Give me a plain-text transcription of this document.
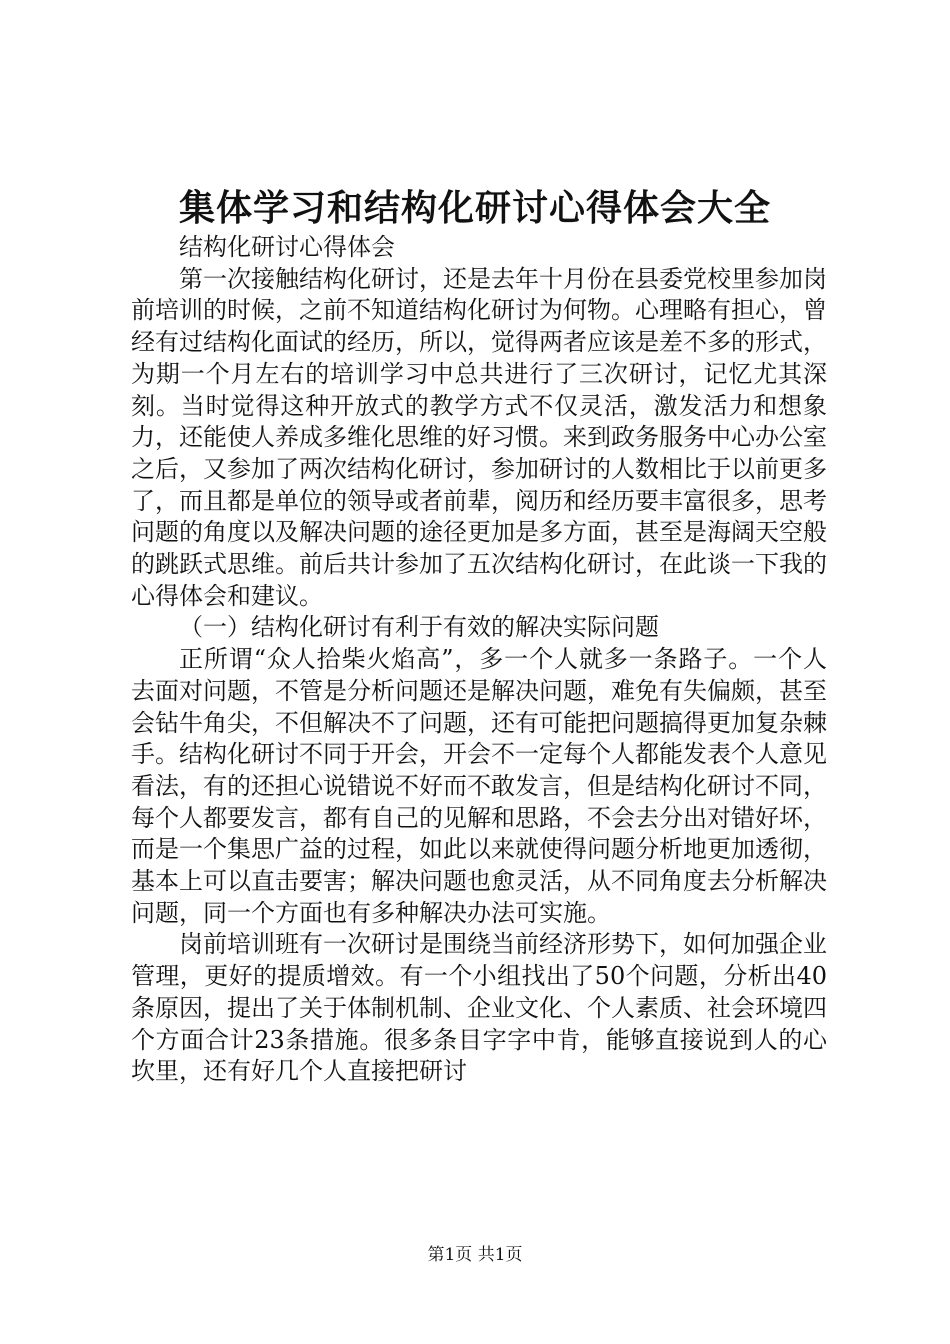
集体学习和结构化研讨心得体会大全

结构化研讨心得体会

第一次接触结构化研讨，还是去年十月份在县委党校里参加岗前培训的时候，之前不知道结构化研讨为何物。心理略有担心，曾经有过结构化面试的经历，所以，觉得两者应该是差不多的形式，为期一个月左右的培训学习中总共进行了三次研讨，记忆尤其深刻。当时觉得这种开放式的教学方式不仅灵活，激发活力和想象力，还能使人养成多维化思维的好习惯。来到政务服务中心办公室之后，又参加了两次结构化研讨，参加研讨的人数相比于以前更多了，而且都是单位的领导或者前辈，阅历和经历要丰富很多，思考问题的角度以及解决问题的途径更加是多方面，甚至是海阔天空般的跳跃式思维。前后共计参加了五次结构化研讨，在此谈一下我的心得体会和建议。

（一）结构化研讨有利于有效的解决实际问题

正所谓“众人拾柴火焰高”，多一个人就多一条路子。一个人去面对问题，不管是分析问题还是解决问题，难免有失偏颇，甚至会钻牛角尖，不但解决不了问题，还有可能把问题搞得更加复杂棘手。结构化研讨不同于开会，开会不一定每个人都能发表个人意见看法，有的还担心说错说不好而不敢发言，但是结构化研讨不同，每个人都要发言，都有自己的见解和思路，不会去分出对错好坏，而是一个集思广益的过程，如此以来就使得问题分析地更加透彻，基本上可以直击要害；解决问题也愈灵活，从不同角度去分析解决问题，同一个方面也有多种解决办法可实施。

岗前培训班有一次研讨是围绕当前经济形势下，如何加强企业管理，更好的提质增效。有一个小组找出了50个问题，分析出40条原因，提出了关于体制机制、企业文化、个人素质、社会环境四个方面合计23条措施。很多条目字字中肯，能够直接说到人的心坎里，还有好几个人直接把研讨

第1页 共1页
